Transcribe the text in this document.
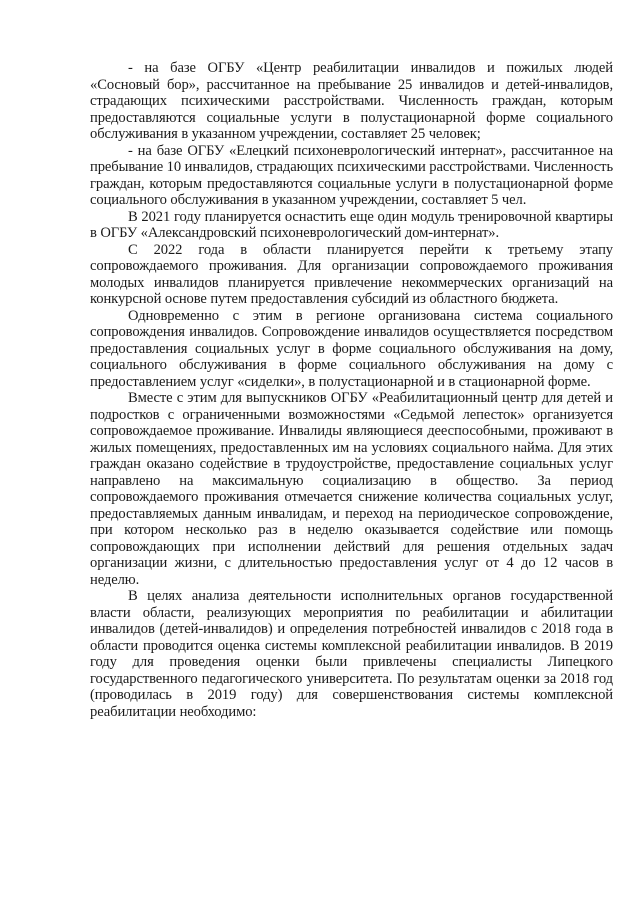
- на базе ОГБУ «Центр реабилитации инвалидов и пожилых людей «Сосновый бор», рассчитанное на пребывание 25 инвалидов и детей-инвалидов, страдающих психическими расстройствами. Численность граждан, которым предоставляются социальные услуги в полустационарной форме социального обслуживания в указанном учреждении, составляет 25 человек;

- на базе ОГБУ «Елецкий психоневрологический интернат», рассчитанное на пребывание 10 инвалидов, страдающих психическими расстройствами. Численность граждан, которым предоставляются социальные услуги в полустационарной форме социального обслуживания в указанном учреждении, составляет 5 чел.

В 2021 году планируется оснастить еще один модуль тренировочной квартиры в ОГБУ «Александровский психоневрологический дом-интернат».

С 2022 года в области планируется перейти к третьему этапу сопровождаемого проживания. Для организации сопровождаемого проживания молодых инвалидов планируется привлечение некоммерческих организаций на конкурсной основе путем предоставления субсидий из областного бюджета.

Одновременно с этим в регионе организована система социального сопровождения инвалидов. Сопровождение инвалидов осуществляется посредством предоставления социальных услуг в форме социального обслуживания на дому, социального обслуживания в форме социального обслуживания на дому с предоставлением услуг «сиделки», в полустационарной и в стационарной форме.

Вместе с этим для выпускников ОГБУ «Реабилитационный центр для детей и подростков с ограниченными возможностями «Седьмой лепесток» организуется сопровождаемое проживание. Инвалиды являющиеся дееспособными, проживают в жилых помещениях, предоставленных им на условиях социального найма. Для этих граждан оказано содействие в трудоустройстве, предоставление социальных услуг направлено на максимальную социализацию в общество. За период сопровождаемого проживания отмечается снижение количества социальных услуг, предоставляемых данным инвалидам, и переход на периодическое сопровождение, при котором несколько раз в неделю оказывается содействие или помощь сопровождающих при исполнении действий для решения отдельных задач организации жизни, с длительностью предоставления услуг от 4 до 12 часов в неделю.

В целях анализа деятельности исполнительных органов государственной власти области, реализующих мероприятия по реабилитации и абилитации инвалидов (детей-инвалидов) и определения потребностей инвалидов с 2018 года в области проводится оценка системы комплексной реабилитации инвалидов. В 2019 году для проведения оценки были привлечены специалисты Липецкого государственного педагогического университета. По результатам оценки за 2018 год (проводилась в 2019 году) для совершенствования системы комплексной реабилитации необходимо:
